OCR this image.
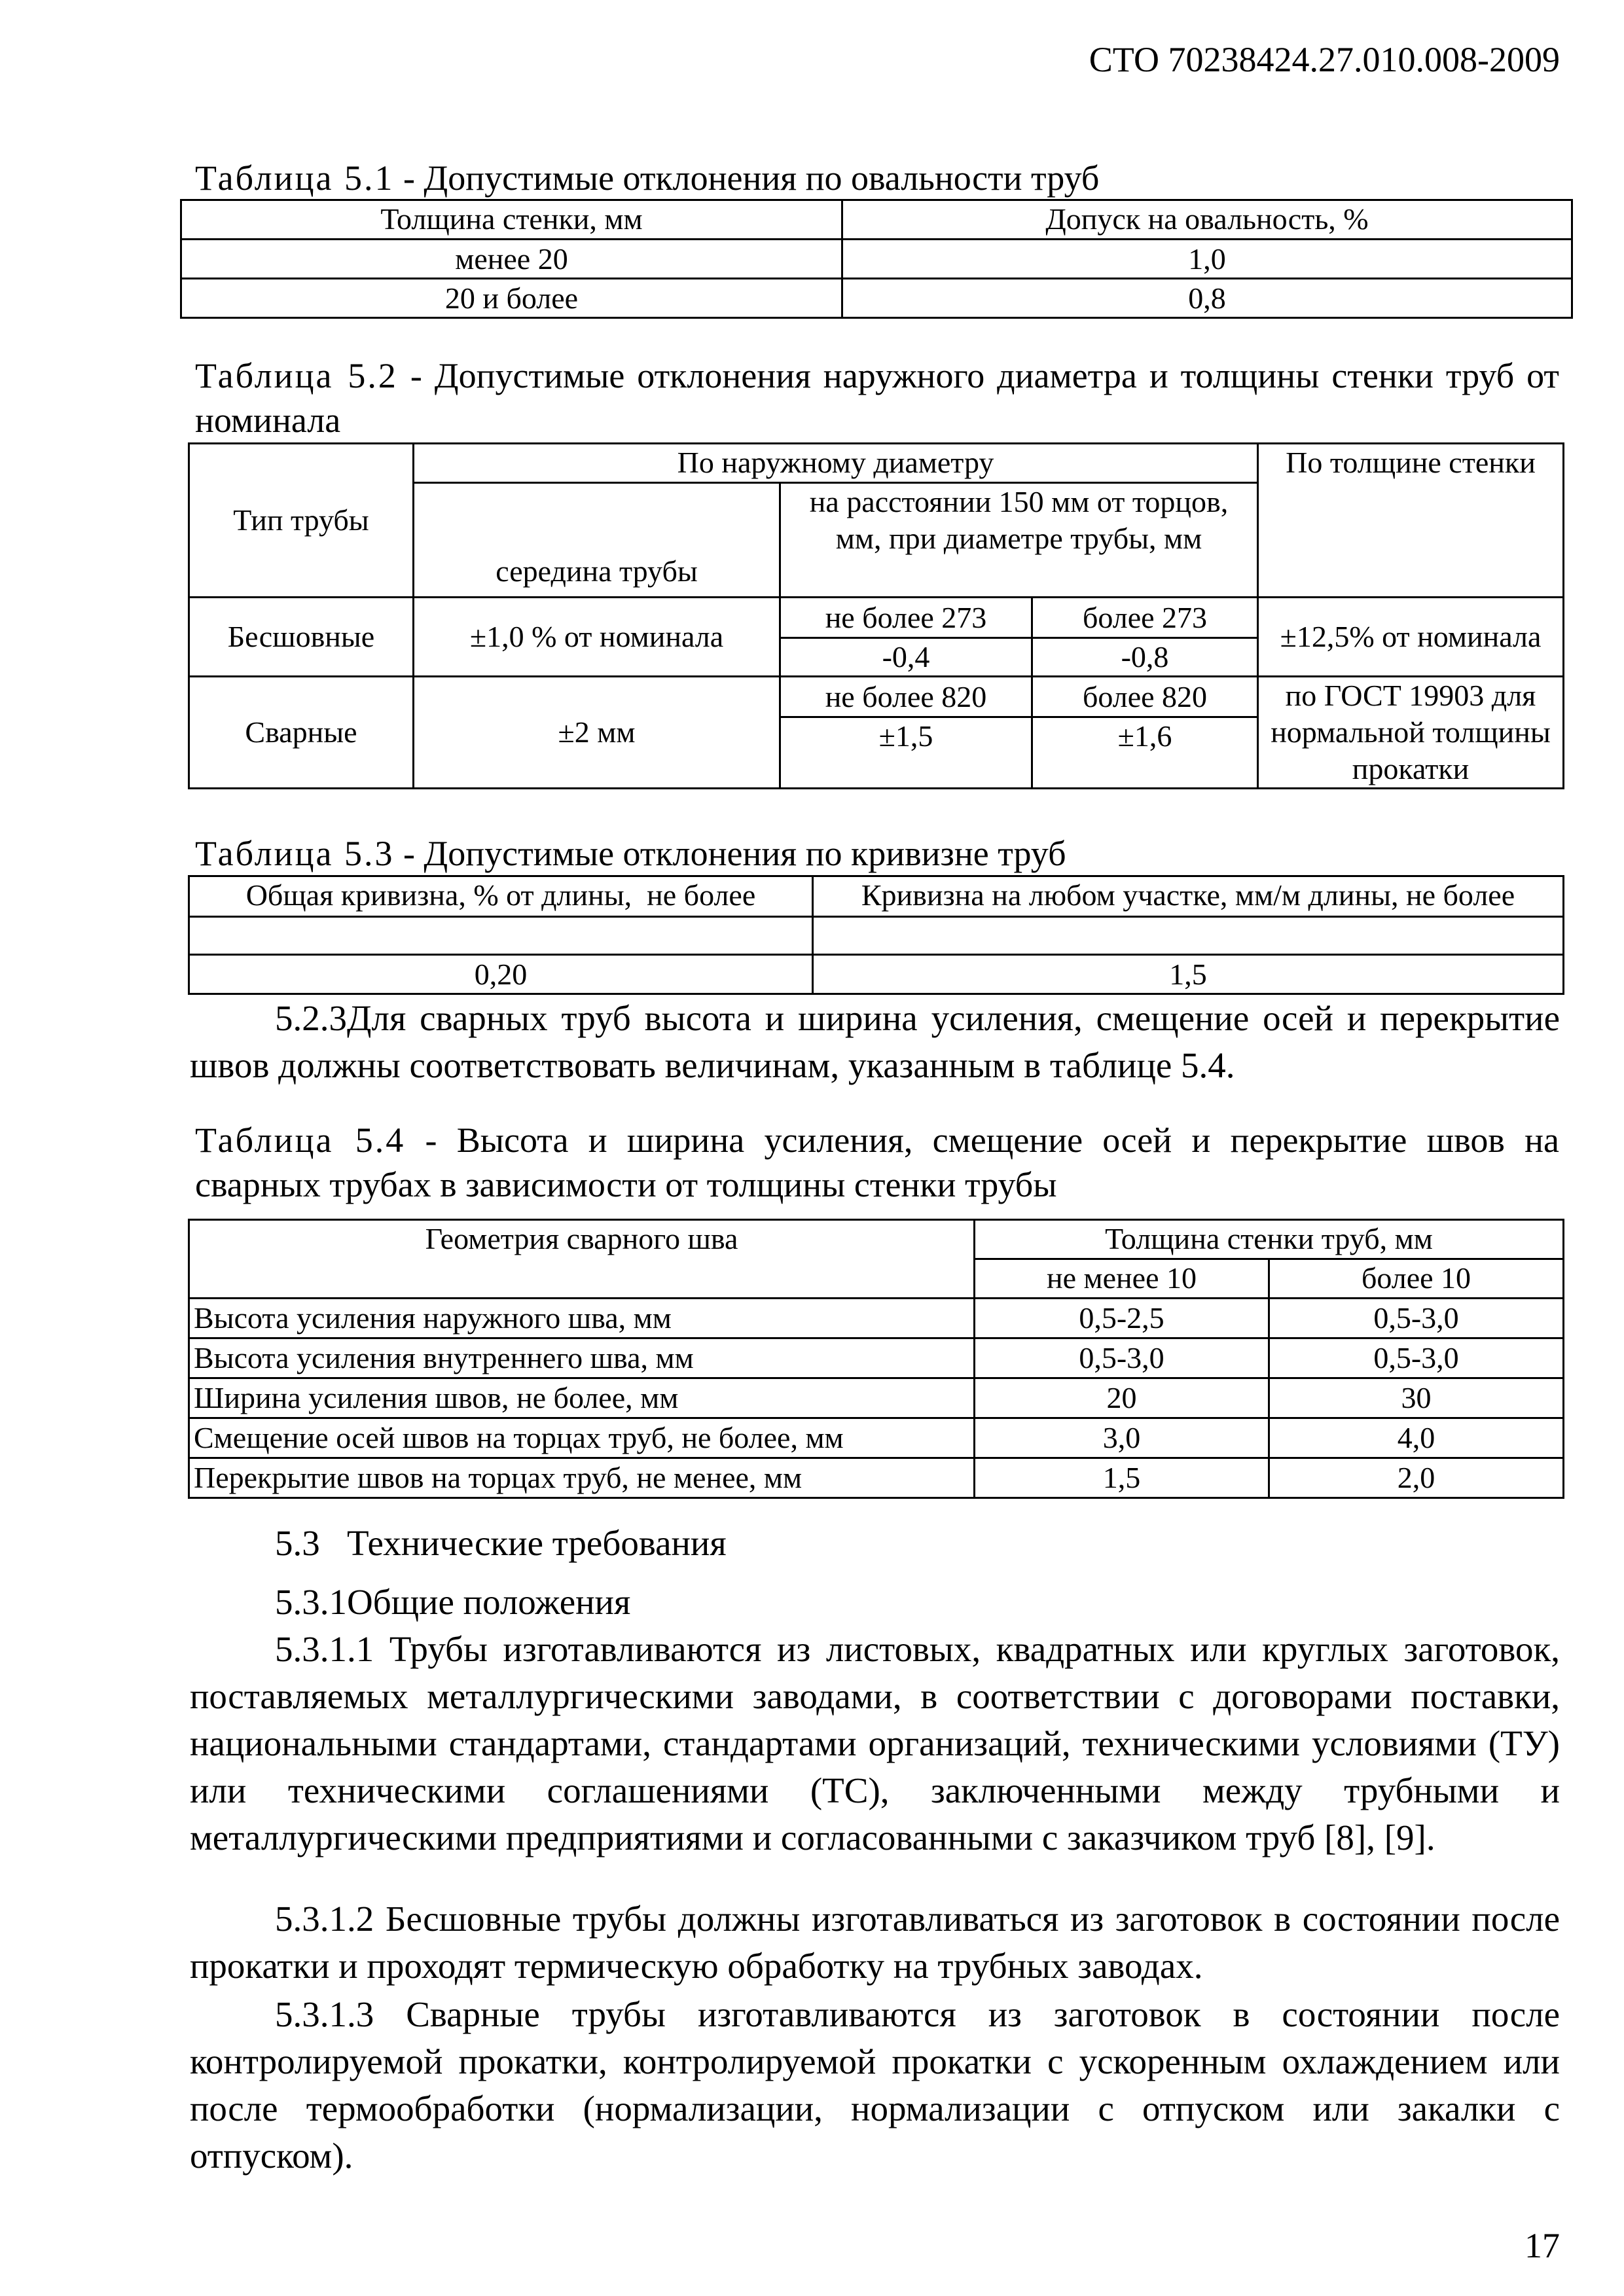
СТО 70238424.27.010.008-2009
Таблица 5.1 - Допустимые отклонения по овальности труб
Толщина стенки, мм	Допуск на овальность, %
менее 20	1,0
20 и более	0,8
Таблица 5.2 - Допустимые отклонения наружного диаметра и толщины стенки труб от номинала
Тип трубы	По наружному диаметру			По толщине стенки
	середина трубы	на расстоянии 150 мм от торцов, мм, при диаметре трубы, мм		
Бесшовные	±1,0 % от номинала	не более 273	более 273	±12,5% от номинала
		-0,4	-0,8	
Сварные	±2 мм	не более 820	более 820	по ГОСТ 19903 для нормальной толщины прокатки
		±1,5	±1,6	
Таблица 5.3 - Допустимые отклонения по кривизне труб
Общая кривизна, % от длины,  не более	Кривизна на любом участке, мм/м длины, не более

0,20	1,5
5.2.3Для сварных труб высота и ширина усиления, смещение осей и перекрытие швов должны соответствовать величинам, указанным в таблице 5.4.
Таблица 5.4 - Высота и ширина усиления, смещение осей и перекрытие швов на сварных трубах в зависимости от толщины стенки трубы
Геометрия сварного шва	Толщина стенки труб, мм	
	не менее 10	более 10
Высота усиления наружного шва, мм	0,5-2,5	0,5-3,0
Высота усиления внутреннего шва, мм	0,5-3,0	0,5-3,0
Ширина усиления швов, не более, мм	20	30
Смещение осей швов на торцах труб, не более, мм	3,0	4,0
Перекрытие швов на торцах труб, не менее, мм	1,5	2,0
5.3   Технические требования
5.3.1Общие положения
5.3.1.1 Трубы изготавливаются из листовых, квадратных или круглых заготовок, поставляемых металлургическими заводами, в соответствии с договорами поставки, национальными стандартами, стандартами организаций, техническими условиями (ТУ) или техническими соглашениями (ТС), заключенными между трубными и металлургическими предприятиями и согласованными с заказчиком труб [8], [9].
5.3.1.2 Бесшовные трубы должны изготавливаться из заготовок в состоянии после прокатки и проходят термическую обработку на трубных заводах.
5.3.1.3 Сварные трубы изготавливаются из заготовок в состоянии после контролируемой прокатки, контролируемой прокатки с ускоренным охлаждением или после термообработки (нормализации, нормализации с отпуском или закалки с отпуском).
17
